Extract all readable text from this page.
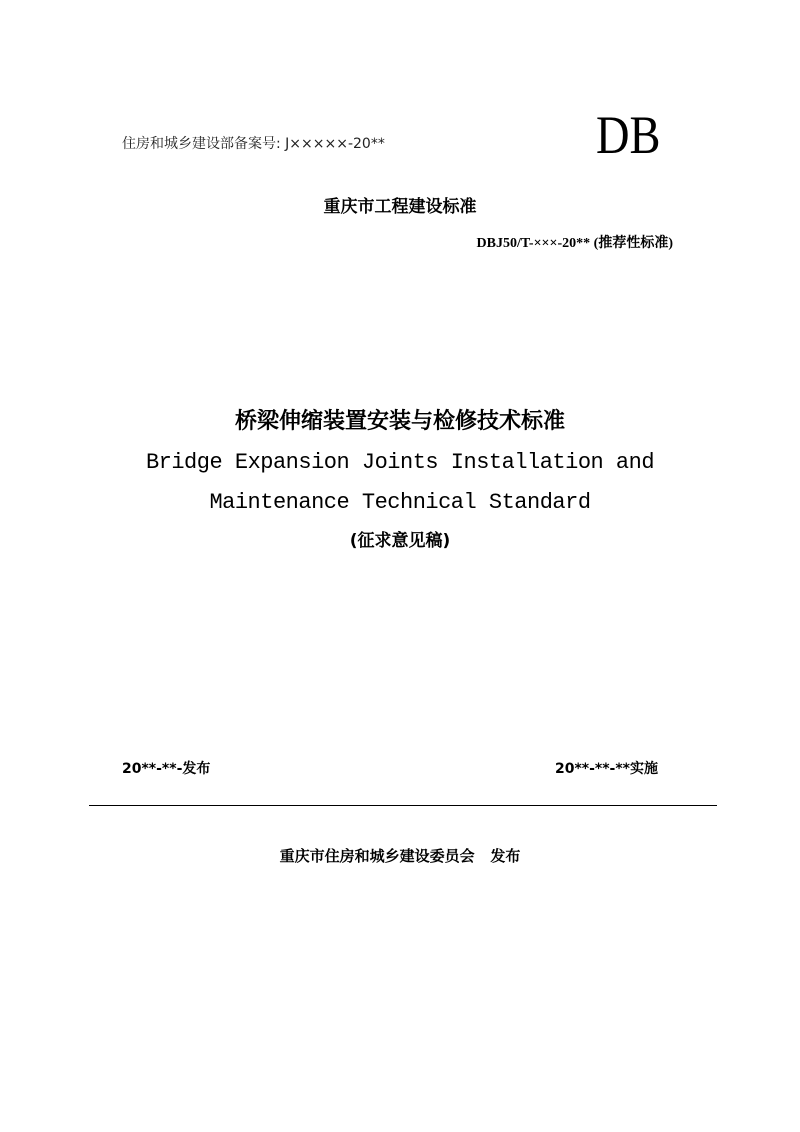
住房和城乡建设部备案号: J×××××-20**	DB
重庆市工程建设标准
DBJ50/T-×××-20** (推荐性标准)
桥梁伸缩装置安装与检修技术标准
Bridge Expansion Joints Installation and
Maintenance Technical Standard
(征求意见稿)
20**-**-发布	20**-**-**实施
重庆市住房和城乡建设委员会   发布
